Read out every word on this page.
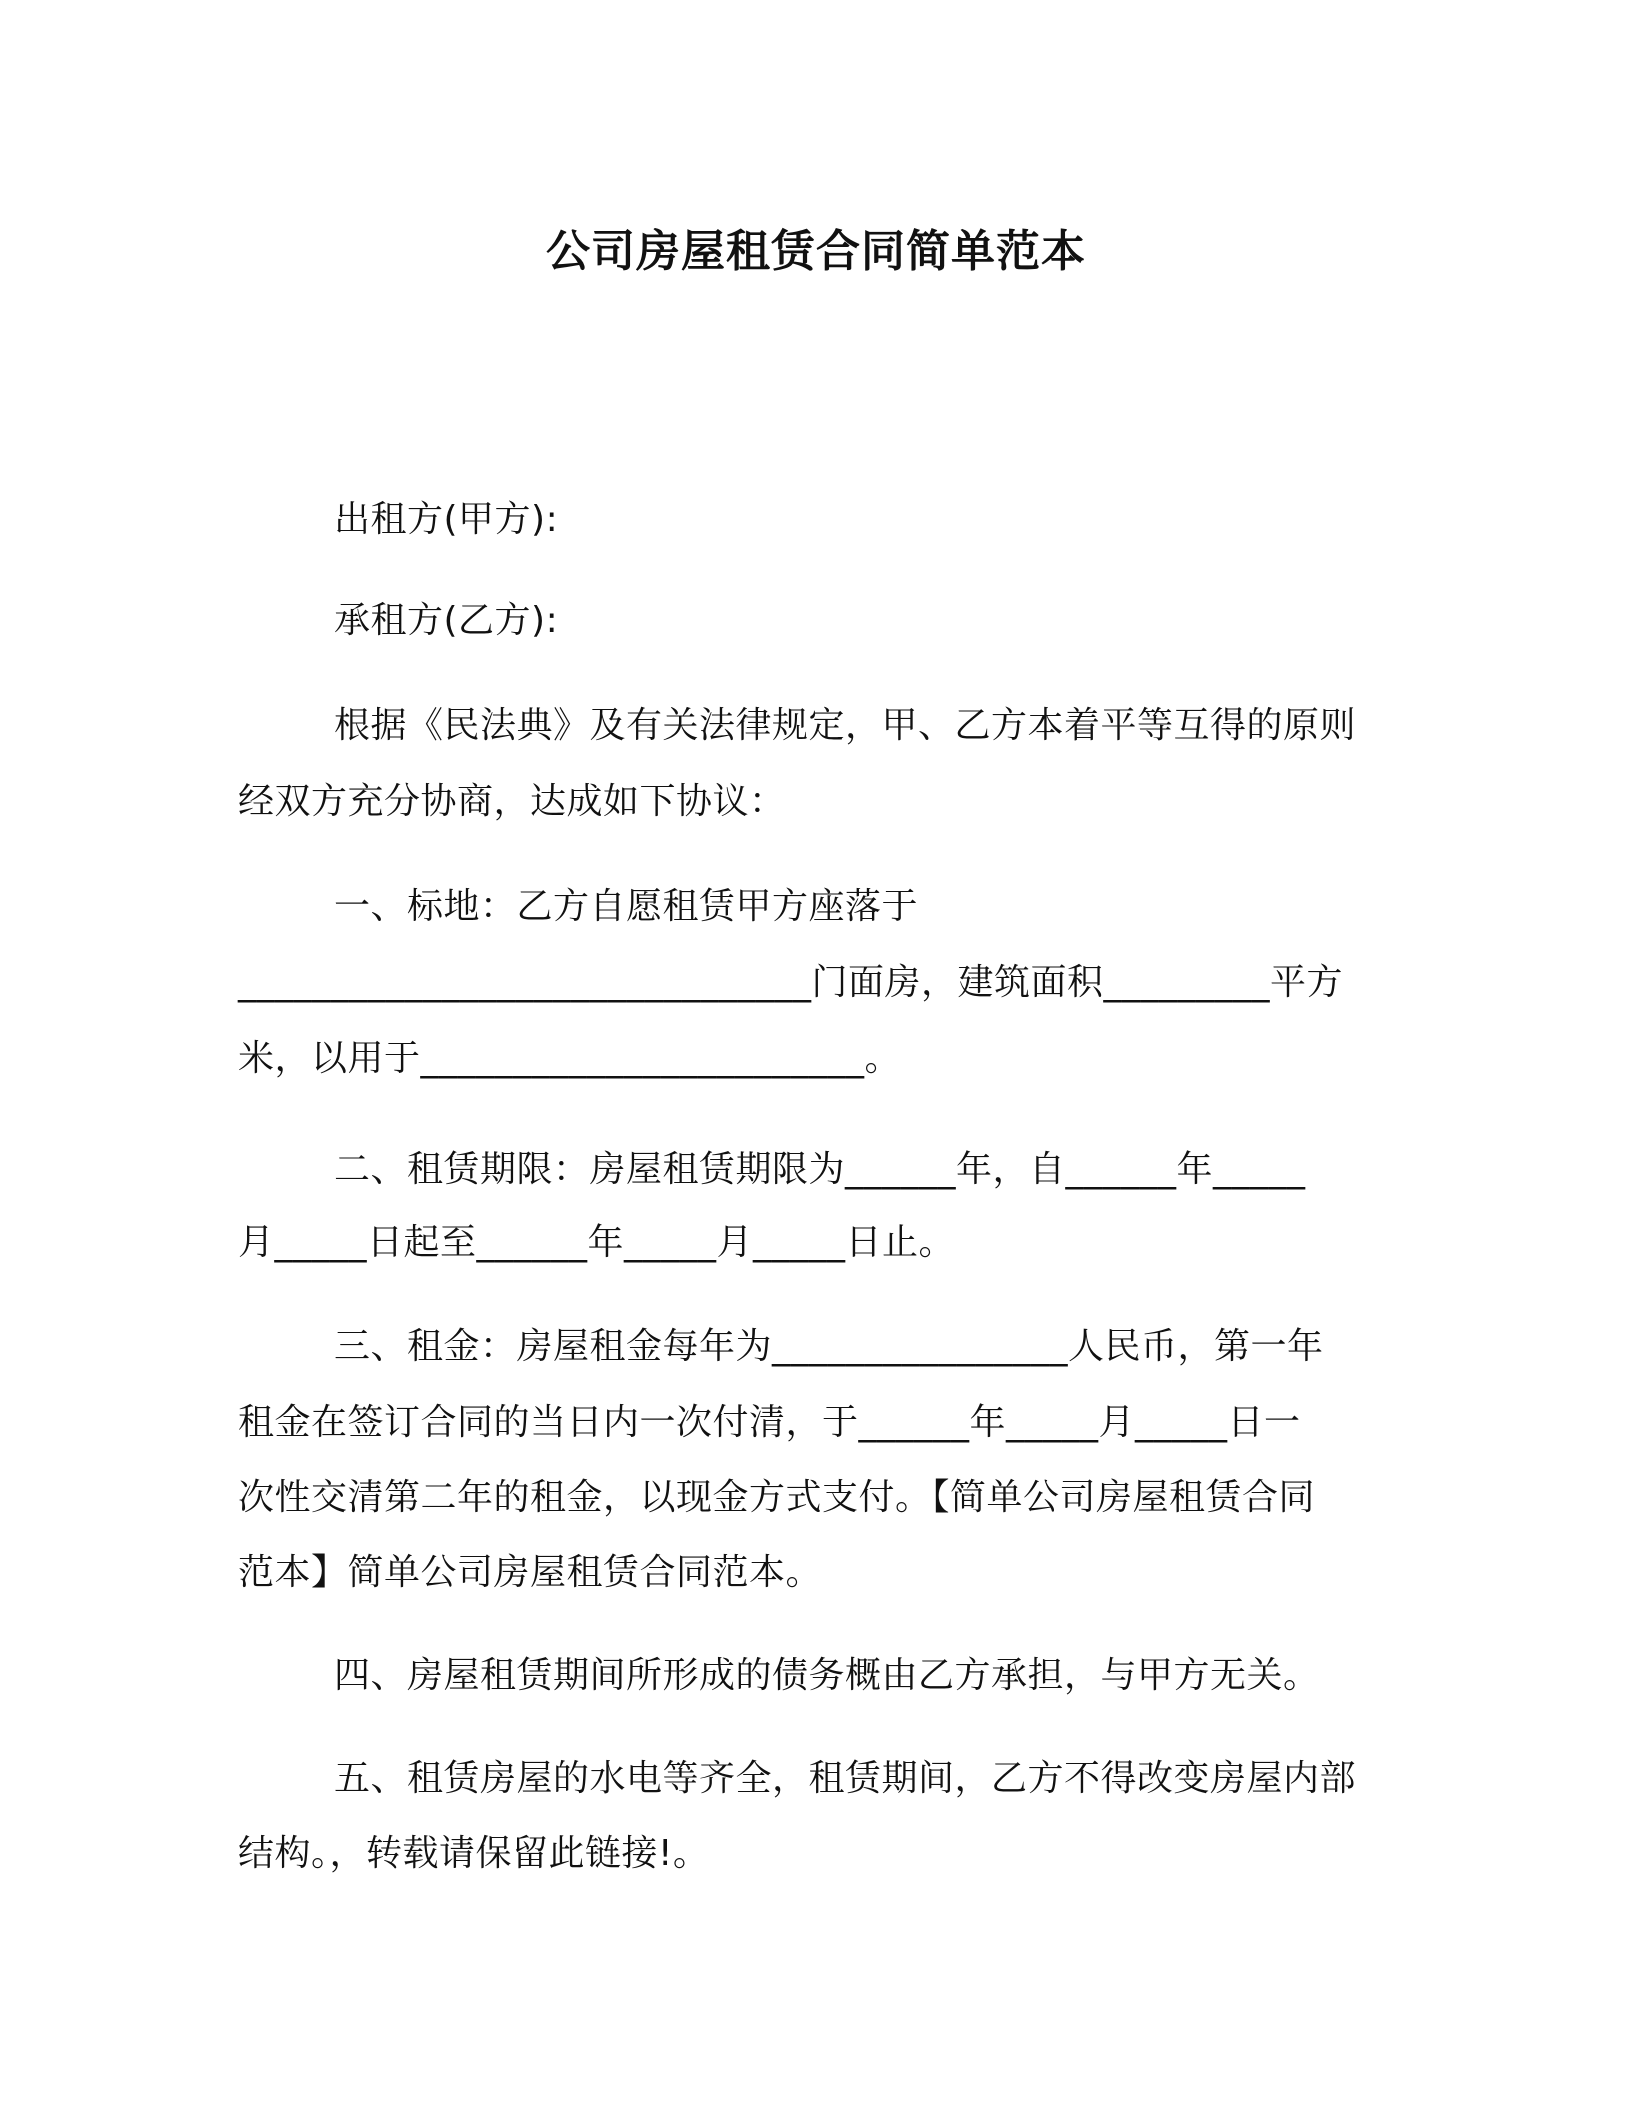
公司房屋租赁合同简单范本
出租方(甲方):
承租方(乙方):
根据《民法典》及有关法律规定，甲、乙方本着平等互得的原则
经双方充分协商，达成如下协议：
一、标地：乙方自愿租赁甲方座落于
_______________________________门面房，建筑面积_________平方
米，以用于________________________。
二、租赁期限：房屋租赁期限为______年，自______年_____
月_____日起至______年_____月_____日止。
三、租金：房屋租金每年为________________人民币，第一年
租金在签订合同的当日内一次付清，于______年_____月_____日一
次性交清第二年的租金，以现金方式支付。【简单公司房屋租赁合同
范本】简单公司房屋租赁合同范本。
四、房屋租赁期间所形成的债务概由乙方承担，与甲方无关。
五、租赁房屋的水电等齐全，租赁期间，乙方不得改变房屋内部
结构。，转载请保留此链接!。
